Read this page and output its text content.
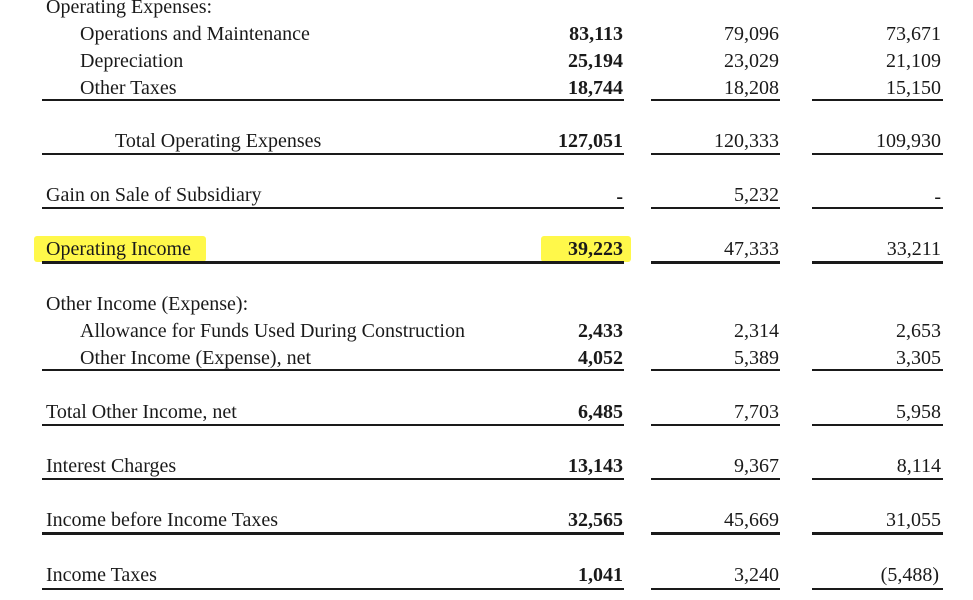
Operating Expenses:
Operations and Maintenance	83,113	79,096	73,671
Depreciation	25,194	23,029	21,109
Other Taxes	18,744	18,208	15,150
Total Operating Expenses	127,051	120,333	109,930
Gain on Sale of Subsidiary	-	5,232	-
Operating Income	39,223	47,333	33,211
Other Income (Expense):
Allowance for Funds Used During Construction	2,433	2,314	2,653
Other Income (Expense), net	4,052	5,389	3,305
Total Other Income, net	6,485	7,703	5,958
Interest Charges	13,143	9,367	8,114
Income before Income Taxes	32,565	45,669	31,055
Income Taxes	1,041	3,240	(5,488)
